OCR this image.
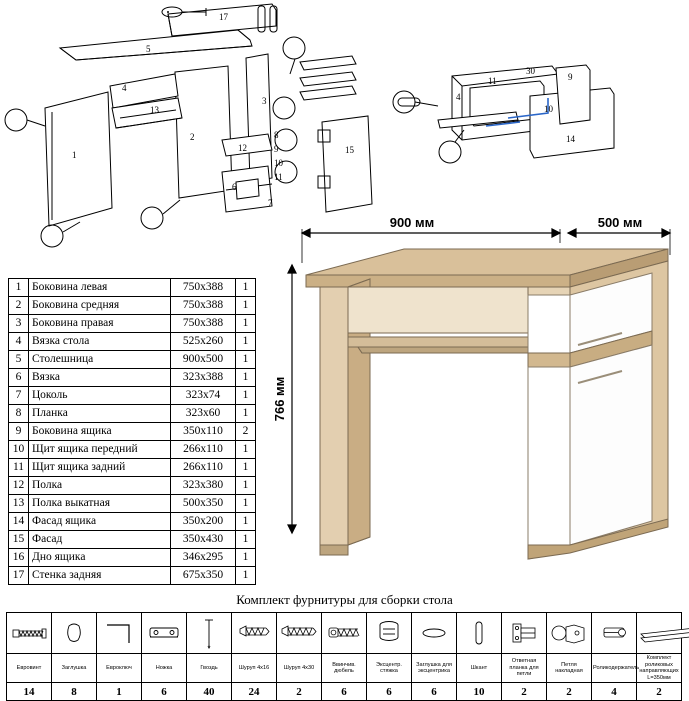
17
5
4
13
1
2
3
12
6
7
15
8
9
10
11
11	9
4
10
14
30
1	Боковина левая	750х388	1
2	Боковина средняя	750х388	1
3	Боковина правая	750х388	1
4	Вязка стола	525х260	1
5	Столешница	900х500	1
6	Вязка	323х388	1
7	Цоколь	323х74	1
8	Планка	323х60	1
9	Боковина ящика	350х110	2
10	Щит ящика передний	266х110	1
11	Щит ящика задний	266х110	1
12	Полка	323х380	1
13	Полка выкатная	500х350	1
14	Фасад ящика	350х200	1
15	Фасад	350х430	1
16	Дно ящика	346х295	1
17	Стенка задняя	675х350	1
900 мм	500 мм
766 мм
Комплект фурнитуры для сборки стола

Евровинт	Заглушка	Евроключ	Ножка	Гвоздь	Шуруп 4х16	Шуруп 4х30	Ввинчив. дюбель	Эксцентр. стяжка	Заглушка для эксцентрика	Шкант	Ответная планка для петли	Петля накладная	Роликодержатель	Комплект роликовых направляющих L=350мм
14	8	1	6	40	24	2	6	6	6	10	2	2	4	2
